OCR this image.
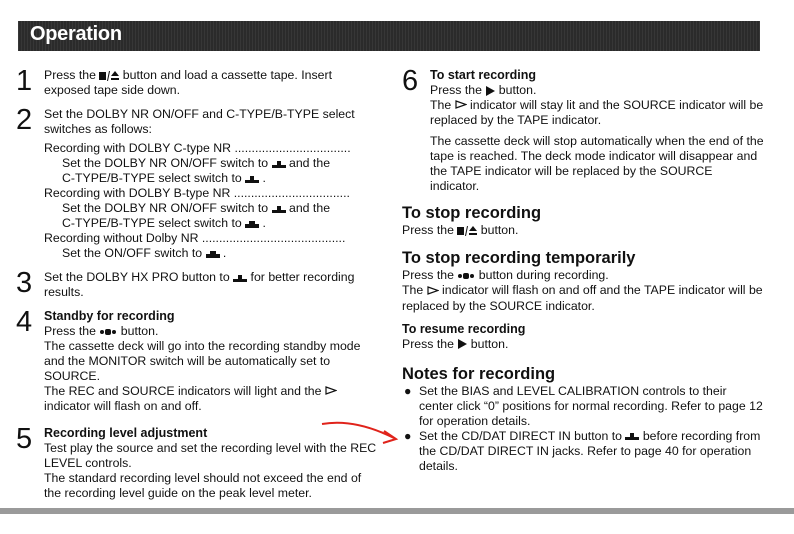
Operation
1 Press the button and load a cassette tape. Insert exposed tape side down.
2 Set the DOLBY NR ON/OFF and C-TYPE/B-TYPE select switches as follows:
Recording with DOLBY C-type NR ..................................
Set the DOLBY NR ON/OFF switch to and the
C-TYPE/B-TYPE select switch to
.
Recording with DOLBY B-type NR ..................................
Set the DOLBY NR ON/OFF switch to and the
C-TYPE/B-TYPE select switch to
.
Recording without Dolby NR ..........................................
Set the ON/OFF switch to
.
3 Set the DOLBY HX PRO button to for better recording results.
4 Standby for recording
Press the button.
The cassette deck will go into the recording standby mode and the MONITOR switch will be automatically set to SOURCE.
The REC and SOURCE indicators will light and the  indicator will flash on and off.
5 Recording level adjustment
Test play the source and set the recording level with the REC LEVEL controls.
The standard recording level should not exceed the end of the recording level guide on the peak level meter.
6 To start recording
Press the button.
The indicator will stay lit and the SOURCE indicator will be replaced by the TAPE indicator.
The cassette deck will stop automatically when the end of the tape is reached. The deck mode indicator will disappear and the TAPE indicator will be replaced by the SOURCE indicator.
To stop recording
Press the button.
To stop recording temporarily
Press the button during recording.
The indicator will flash on and off and the TAPE indicator will be replaced by the SOURCE indicator.
To resume recording
Press the button.
Notes for recording
● Set the BIAS and LEVEL CALIBRATION controls to their center click “0” positions for normal recording. Refer to page 12 for operation details.
● Set the CD/DAT DIRECT IN button to before recording from the CD/DAT DIRECT IN jacks. Refer to page 40 for operation details.
